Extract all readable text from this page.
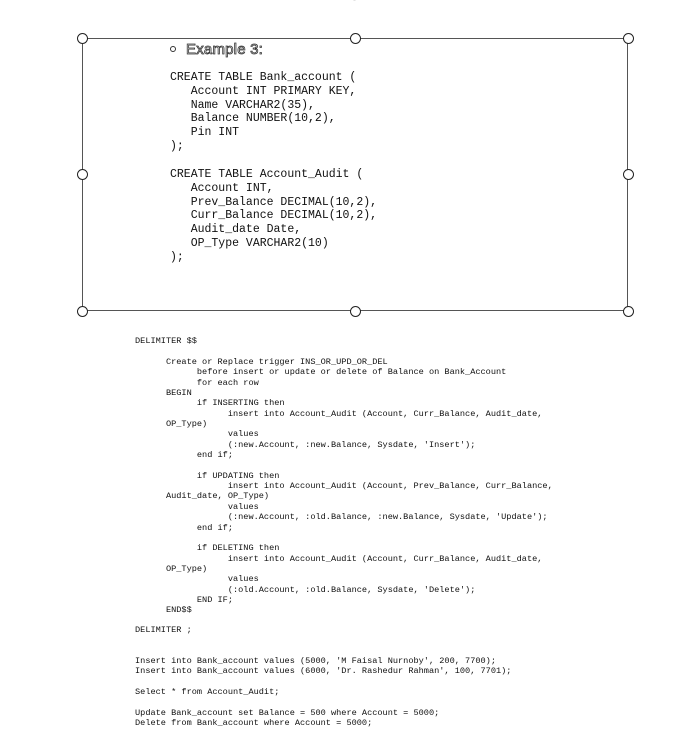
Example 3:
CREATE TABLE Bank_account (
Account INT PRIMARY KEY,
Name VARCHAR2(35),
Balance NUMBER(10,2),
Pin INT
);
CREATE TABLE Account_Audit (
Account INT,
Prev_Balance DECIMAL(10,2),
Curr_Balance DECIMAL(10,2),
Audit_date Date,
OP_Type VARCHAR2(10)
);
DELIMITER $$
Create or Replace trigger INS_OR_UPD_OR_DEL
before insert or update or delete of Balance on Bank_Account
for each row
BEGIN
if INSERTING then
insert into Account_Audit (Account, Curr_Balance, Audit_date,
OP_Type)
values
(:new.Account, :new.Balance, Sysdate, 'Insert');
end if;

if UPDATING then
insert into Account_Audit (Account, Prev_Balance, Curr_Balance,
Audit_date, OP_Type)
values
(:new.Account, :old.Balance, :new.Balance, Sysdate, 'Update');
end if;

if DELETING then
insert into Account_Audit (Account, Curr_Balance, Audit_date,
OP_Type)
values
(:old.Account, :old.Balance, Sysdate, 'Delete');
END IF;
END$$
DELIMITER ;
Insert into Bank_account values (5000, 'M Faisal Nurnoby', 200, 7700);
Insert into Bank_account values (6000, 'Dr. Rashedur Rahman', 100, 7701);
Select * from Account_Audit;
Update Bank_account set Balance = 500 where Account = 5000;
Delete from Bank_account where Account = 5000;
